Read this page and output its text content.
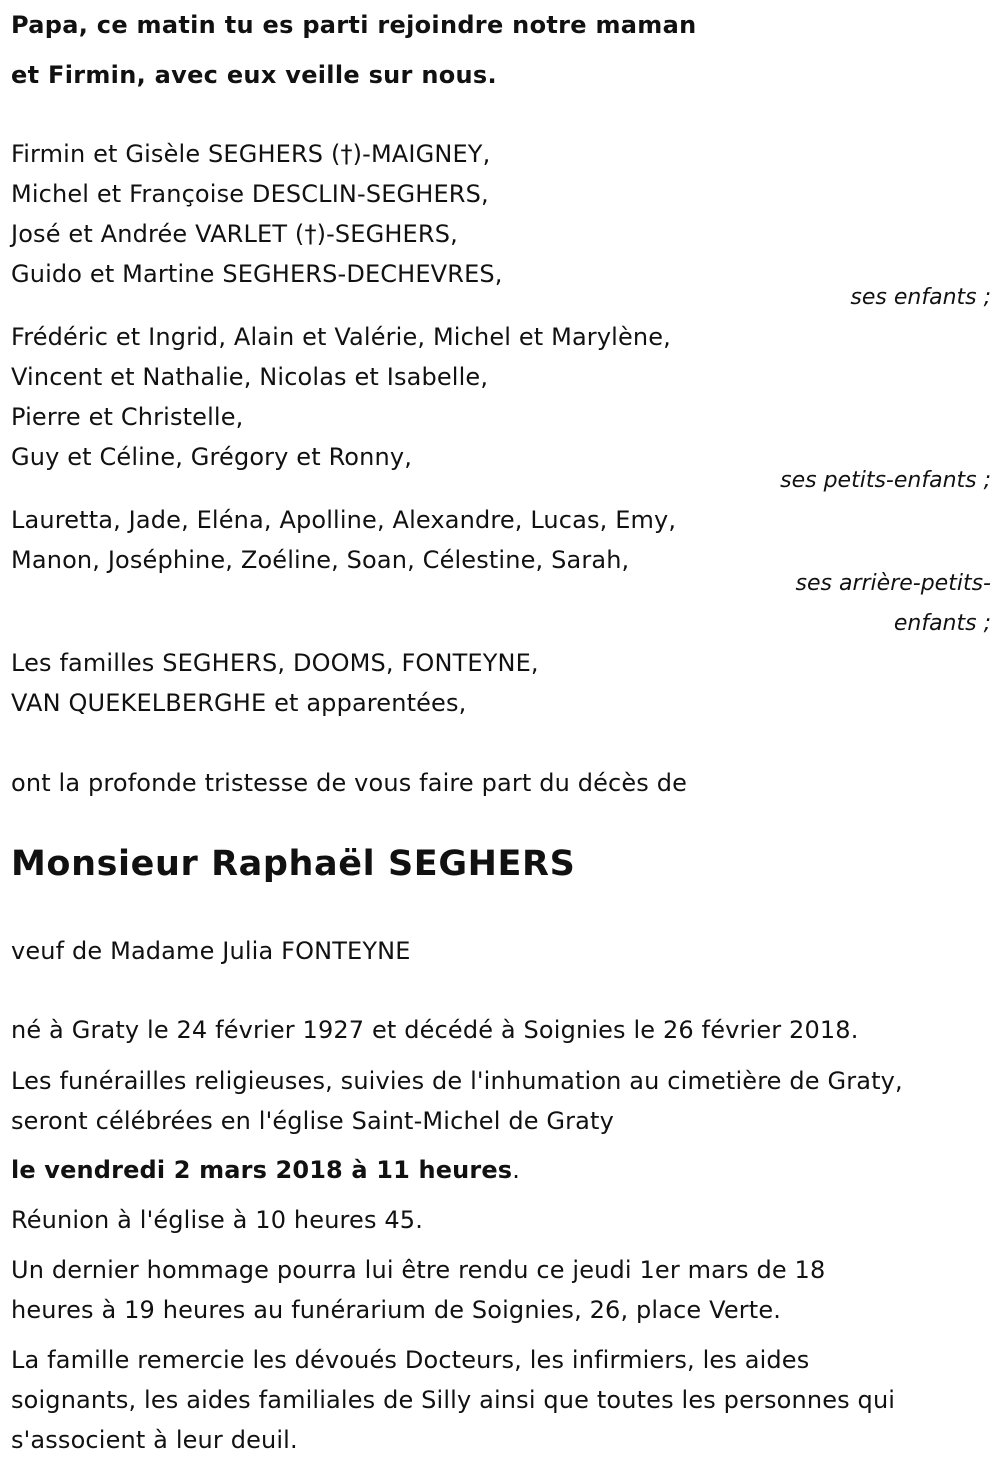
Papa, ce matin tu es parti rejoindre notre maman
et Firmin, avec eux veille sur nous.
Firmin et Gisèle SEGHERS (†)-MAIGNEY,
Michel et Françoise DESCLIN-SEGHERS,
José et Andrée VARLET (†)-SEGHERS,
Guido et Martine SEGHERS-DECHEVRES,
ses enfants ;
Frédéric et Ingrid, Alain et Valérie, Michel et Marylène,
Vincent et Nathalie, Nicolas et Isabelle,
Pierre et Christelle,
Guy et Céline, Grégory et Ronny,
ses petits-enfants ;
Lauretta, Jade, Eléna, Apolline, Alexandre, Lucas, Emy,
Manon, Joséphine, Zoéline, Soan, Célestine, Sarah,
ses arrière-petits-
enfants ;
Les familles SEGHERS, DOOMS, FONTEYNE,
VAN QUEKELBERGHE et apparentées,
ont la profonde tristesse de vous faire part du décès de
Monsieur Raphaël SEGHERS
veuf de Madame Julia FONTEYNE
né à Graty le 24 février 1927 et décédé à Soignies le 26 février 2018.
Les funérailles religieuses, suivies de l'inhumation au cimetière de Graty,
seront célébrées en l'église Saint-Michel de Graty
le vendredi 2 mars 2018 à 11 heures.
Réunion à l'église à 10 heures 45.
Un dernier hommage pourra lui être rendu ce jeudi 1er mars de 18
heures à 19 heures au funérarium de Soignies, 26, place Verte.
La famille remercie les dévoués Docteurs, les infirmiers, les aides
soignants, les aides familiales de Silly ainsi que toutes les personnes qui
s'associent à leur deuil.
